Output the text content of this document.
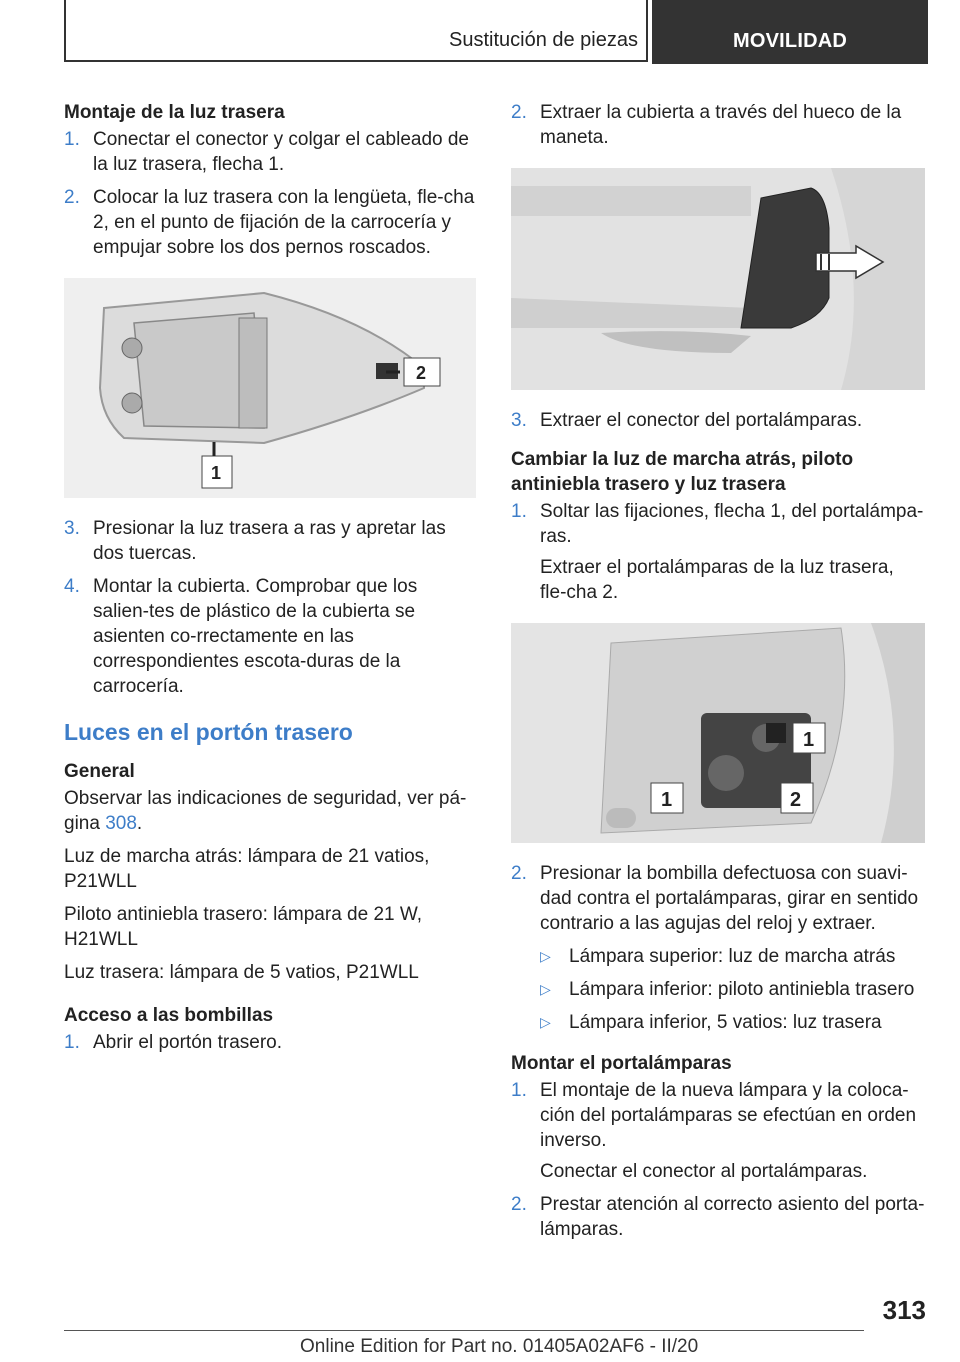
Sustitución de piezas	MOVILIDAD
Montaje de la luz trasera
1. Conectar el conector y colgar el cableado de la luz trasera, flecha 1.
2. Colocar la luz trasera con la lengüeta, fle‐cha 2, en el punto de fijación de la carrocería y empujar sobre los dos pernos roscados.
2
1
3. Presionar la luz trasera a ras y apretar las dos tuercas.
4. Montar la cubierta. Comprobar que los salien‐tes de plástico de la cubierta se asienten co‐rrectamente en las correspondientes escota‐duras de la carrocería.
Luces en el portón trasero
General

Observar las indicaciones de seguridad, ver pá‐gina 308.

Luz de marcha atrás: lámpara de 21 vatios, P21WLL

Piloto antiniebla trasero: lámpara de 21 W, H21WLL

Luz trasera: lámpara de 5 vatios, P21WLL

Acceso a las bombillas
1. Abrir el portón trasero.
2. Extraer la cubierta a través del hueco de la maneta.
3. Extraer el conector del portalámparas.
Cambiar la luz de marcha atrás, piloto antiniebla trasero y luz trasera
1. Soltar las fijaciones, flecha 1, del portalámpa‐ras.

Extraer el portalámparas de la luz trasera, fle‐cha 2.

1
1	2
2. Presionar la bombilla defectuosa con suavi‐dad contra el portalámparas, girar en sentido contrario a las agujas del reloj y extraer.
▷ Lámpara superior: luz de marcha atrás
▷ Lámpara inferior: piloto antiniebla trasero
▷ Lámpara inferior, 5 vatios: luz trasera
Montar el portalámparas
1. El montaje de la nueva lámpara y la coloca‐ción del portalámparas se efectúan en orden inverso.

Conectar el conector al portalámparas.

2. Prestar atención al correcto asiento del porta‐lámparas.
313
Online Edition for Part no. 01405A02AF6 - II/20
